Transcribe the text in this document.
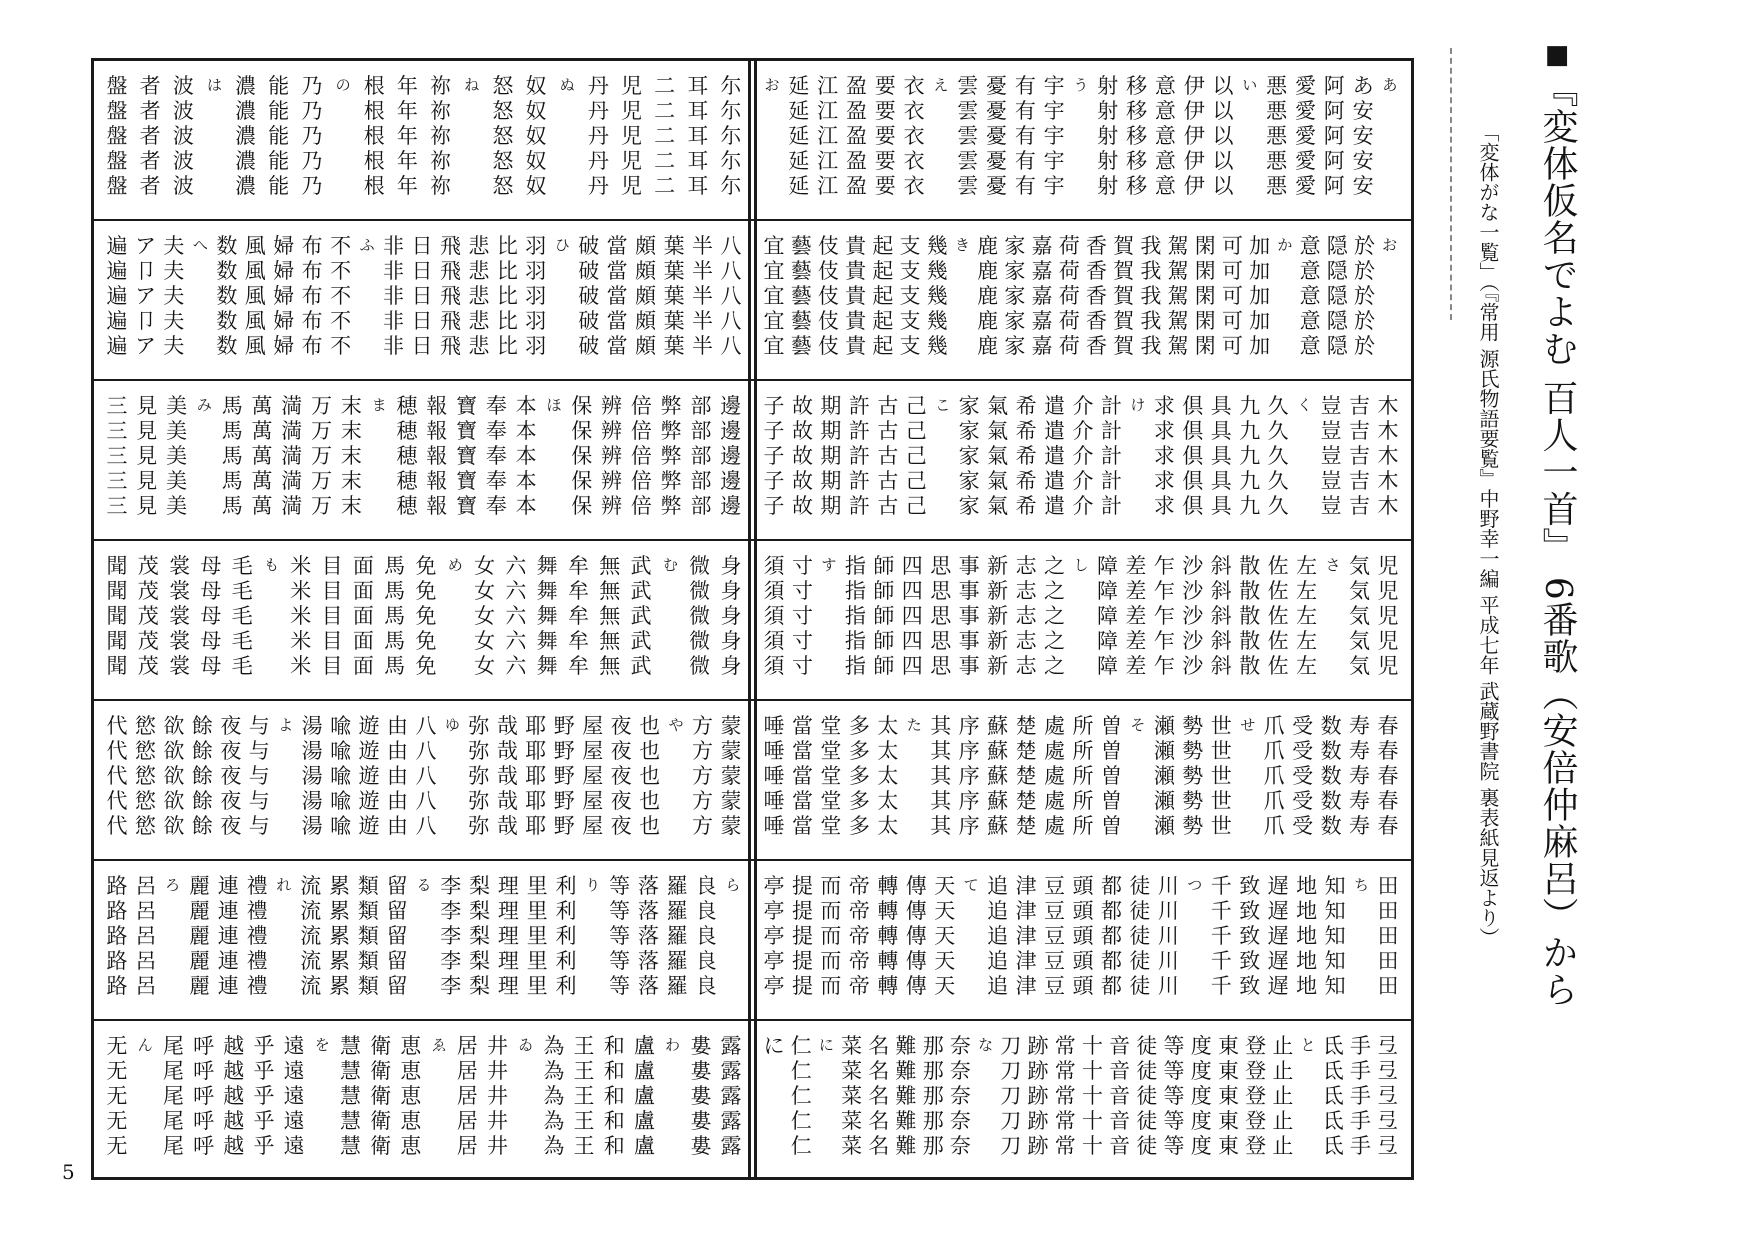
5
尓
尓
尓
尓
尓
耳
耳
耳
耳
耳
二
二
二
二
二
児
児
児
児
児
丹
丹
丹
丹
丹
ぬ
奴
奴
奴
奴
奴
怒
怒
怒
怒
怒
ね
祢
祢
祢
祢
祢
年
年
年
年
年
根
根
根
根
根
の
乃
乃
乃
乃
乃
能
能
能
能
能
濃
濃
濃
濃
濃
は
波
波
波
波
波
者
者
者
者
者
盤
盤
盤
盤
盤
八
八
八
八
八
半
半
半
半
半
葉
葉
葉
葉
葉
頗
頗
頗
頗
頗
當
當
當
當
當
破
破
破
破
破
ひ
羽
羽
羽
羽
羽
比
比
比
比
比
悲
悲
悲
悲
悲
飛
飛
飛
飛
飛
日
日
日
日
日
非
非
非
非
非
ふ
不
不
不
不
不
布
布
布
布
布
婦
婦
婦
婦
婦
風
風
風
風
風
数
数
数
数
数
へ
夫
夫
夫
夫
夫
ア
卩
ア
卩
ア
遍
遍
遍
遍
遍
邊
邊
邊
邊
邊
部
部
部
部
部
弊
弊
弊
弊
弊
倍
倍
倍
倍
倍
辨
辨
辨
辨
辨
保
保
保
保
保
ほ
本
本
本
本
本
奉
奉
奉
奉
奉
寶
寶
寶
寶
寶
報
報
報
報
報
穂
穂
穂
穂
穂
ま
末
末
末
末
末
万
万
万
万
万
満
満
満
満
満
萬
萬
萬
萬
萬
馬
馬
馬
馬
馬
み
美
美
美
美
美
見
見
見
見
見
三
三
三
三
三
身
身
身
身
身
微
微
微
微
微
む
武
武
武
武
武
無
無
無
無
無
牟
牟
牟
牟
牟
舞
舞
舞
舞
舞
六
六
六
六
六
女
女
女
女
女
め
免
免
免
免
免
馬
馬
馬
馬
馬
面
面
面
面
面
目
目
目
目
目
米
米
米
米
米
も
毛
毛
毛
毛
毛
母
母
母
母
母
裳
裳
裳
裳
裳
茂
茂
茂
茂
茂
聞
聞
聞
聞
聞
蒙
蒙
蒙
蒙
蒙
方
方
方
方
方
や
也
也
也
也
也
夜
夜
夜
夜
夜
屋
屋
屋
屋
屋
野
野
野
野
野
耶
耶
耶
耶
耶
哉
哉
哉
哉
哉
弥
弥
弥
弥
弥
ゆ
八
八
八
八
八
由
由
由
由
由
遊
遊
遊
遊
遊
喩
喩
喩
喩
喩
湯
湯
湯
湯
湯
よ
与
与
与
与
与
夜
夜
夜
夜
夜
餘
餘
餘
餘
餘
欲
欲
欲
欲
欲
慾
慾
慾
慾
慾
代
代
代
代
代
ら
良
良
良
良
良
羅
羅
羅
羅
羅
落
落
落
落
落
等
等
等
等
等
り
利
利
利
利
利
里
里
里
里
里
理
理
理
理
理
梨
梨
梨
梨
梨
李
李
李
李
李
る
留
留
留
留
留
類
類
類
類
類
累
累
累
累
累
流
流
流
流
流
れ
禮
禮
禮
禮
禮
連
連
連
連
連
麗
麗
麗
麗
麗
ろ
呂
呂
呂
呂
呂
路
路
路
路
路
露
露
露
露
露
婁
婁
婁
婁
婁
わ
盧
盧
盧
盧
盧
和
和
和
和
和
王
王
王
王
王
為
為
為
為
為
ゐ
井
井
井
井
井
居
居
居
居
居
ゑ
恵
恵
恵
恵
恵
衛
衛
衛
衛
衛
慧
慧
慧
慧
慧
を
遠
遠
遠
遠
遠
乎
乎
乎
乎
乎
越
越
越
越
越
呼
呼
呼
呼
呼
尾
尾
尾
尾
尾
ん
无
无
无
无
无
あ
あ
安
安
安
安
阿
阿
阿
阿
阿
愛
愛
愛
愛
愛
悪
悪
悪
悪
悪
い
以
以
以
以
以
伊
伊
伊
伊
伊
意
意
意
意
意
移
移
移
移
移
射
射
射
射
射
う
宇
宇
宇
宇
宇
有
有
有
有
有
憂
憂
憂
憂
憂
雲
雲
雲
雲
雲
え
衣
衣
衣
衣
衣
要
要
要
要
要
盈
盈
盈
盈
盈
江
江
江
江
江
延
延
延
延
延
お
お
於
於
於
於
於
隠
隠
隠
隠
隠
意
意
意
意
意
か
加
加
加
加
加
可
可
可
可
可
閑
閑
閑
閑
閑
駕
駕
駕
駕
駕
我
我
我
我
我
賀
賀
賀
賀
賀
香
香
香
香
香
荷
荷
荷
荷
荷
嘉
嘉
嘉
嘉
嘉
家
家
家
家
家
鹿
鹿
鹿
鹿
鹿
き
幾
幾
幾
幾
幾
支
支
支
支
支
起
起
起
起
起
貴
貴
貴
貴
貴
伎
伎
伎
伎
伎
藝
藝
藝
藝
藝
宜
宜
宜
宜
宜
木
木
木
木
木
吉
吉
吉
吉
吉
豈
豈
豈
豈
豈
く
久
久
久
久
久
九
九
九
九
九
具
具
具
具
具
倶
倶
倶
倶
倶
求
求
求
求
求
け
計
計
計
計
計
介
介
介
介
介
遣
遣
遣
遣
遣
希
希
希
希
希
氣
氣
氣
氣
氣
家
家
家
家
家
こ
己
己
己
己
己
古
古
古
古
古
許
許
許
許
許
期
期
期
期
期
故
故
故
故
故
子
子
子
子
子
児
児
児
児
児
気
気
気
気
気
さ
左
左
左
左
左
佐
佐
佐
佐
佐
散
散
散
散
散
斜
斜
斜
斜
斜
沙
沙
沙
沙
沙
乍
乍
乍
乍
乍
差
差
差
差
差
障
障
障
障
障
し
之
之
之
之
之
志
志
志
志
志
新
新
新
新
新
事
事
事
事
事
思
思
思
思
思
四
四
四
四
四
師
師
師
師
師
指
指
指
指
指
す
寸
寸
寸
寸
寸
須
須
須
須
須
春
春
春
春
春
寿
寿
寿
寿
寿
数
数
数
数
数
受
受
受
受
受
爪
爪
爪
爪
爪
せ
世
世
世
世
世
勢
勢
勢
勢
勢
瀬
瀬
瀬
瀬
瀬
そ
曽
曽
曽
曽
曽
所
所
所
所
所
處
處
處
處
處
楚
楚
楚
楚
楚
蘇
蘇
蘇
蘇
蘇
序
序
序
序
序
其
其
其
其
其
た
太
太
太
太
太
多
多
多
多
多
堂
堂
堂
堂
堂
當
當
當
當
當
唾
唾
唾
唾
唾
田
田
田
田
田
ち
知
知
知
知
知
地
地
地
地
地
遅
遅
遅
遅
遅
致
致
致
致
致
千
千
千
千
千
つ
川
川
川
川
川
徒
徒
徒
徒
徒
都
都
都
都
都
頭
頭
頭
頭
頭
豆
豆
豆
豆
豆
津
津
津
津
津
追
追
追
追
追
て
天
天
天
天
天
傳
傳
傳
傳
傳
轉
轉
轉
轉
轉
帝
帝
帝
帝
帝
而
而
而
而
而
提
提
提
提
提
亭
亭
亭
亭
亭
弖
弖
弖
弖
弖
手
手
手
手
手
氐
氐
氐
氐
氐
と
止
止
止
止
止
登
登
登
登
登
東
東
東
東
東
度
度
度
度
度
等
等
等
等
等
徒
徒
徒
徒
徒
音
音
音
音
音
十
十
十
十
十
常
常
常
常
常
跡
跡
跡
跡
跡
刀
刀
刀
刀
刀
な
奈
奈
奈
奈
奈
那
那
那
那
那
難
難
難
難
難
名
名
名
名
名
菜
菜
菜
菜
菜
に
仁
仁
仁
仁
仁
に
■『変体仮名でよむ 百人一首』 6番歌（安倍仲麻呂）から
「変体がな一覧」（『常用 源氏物語要覧』中野幸一編 平成七年 武蔵野書院 裏表紙見返より）
